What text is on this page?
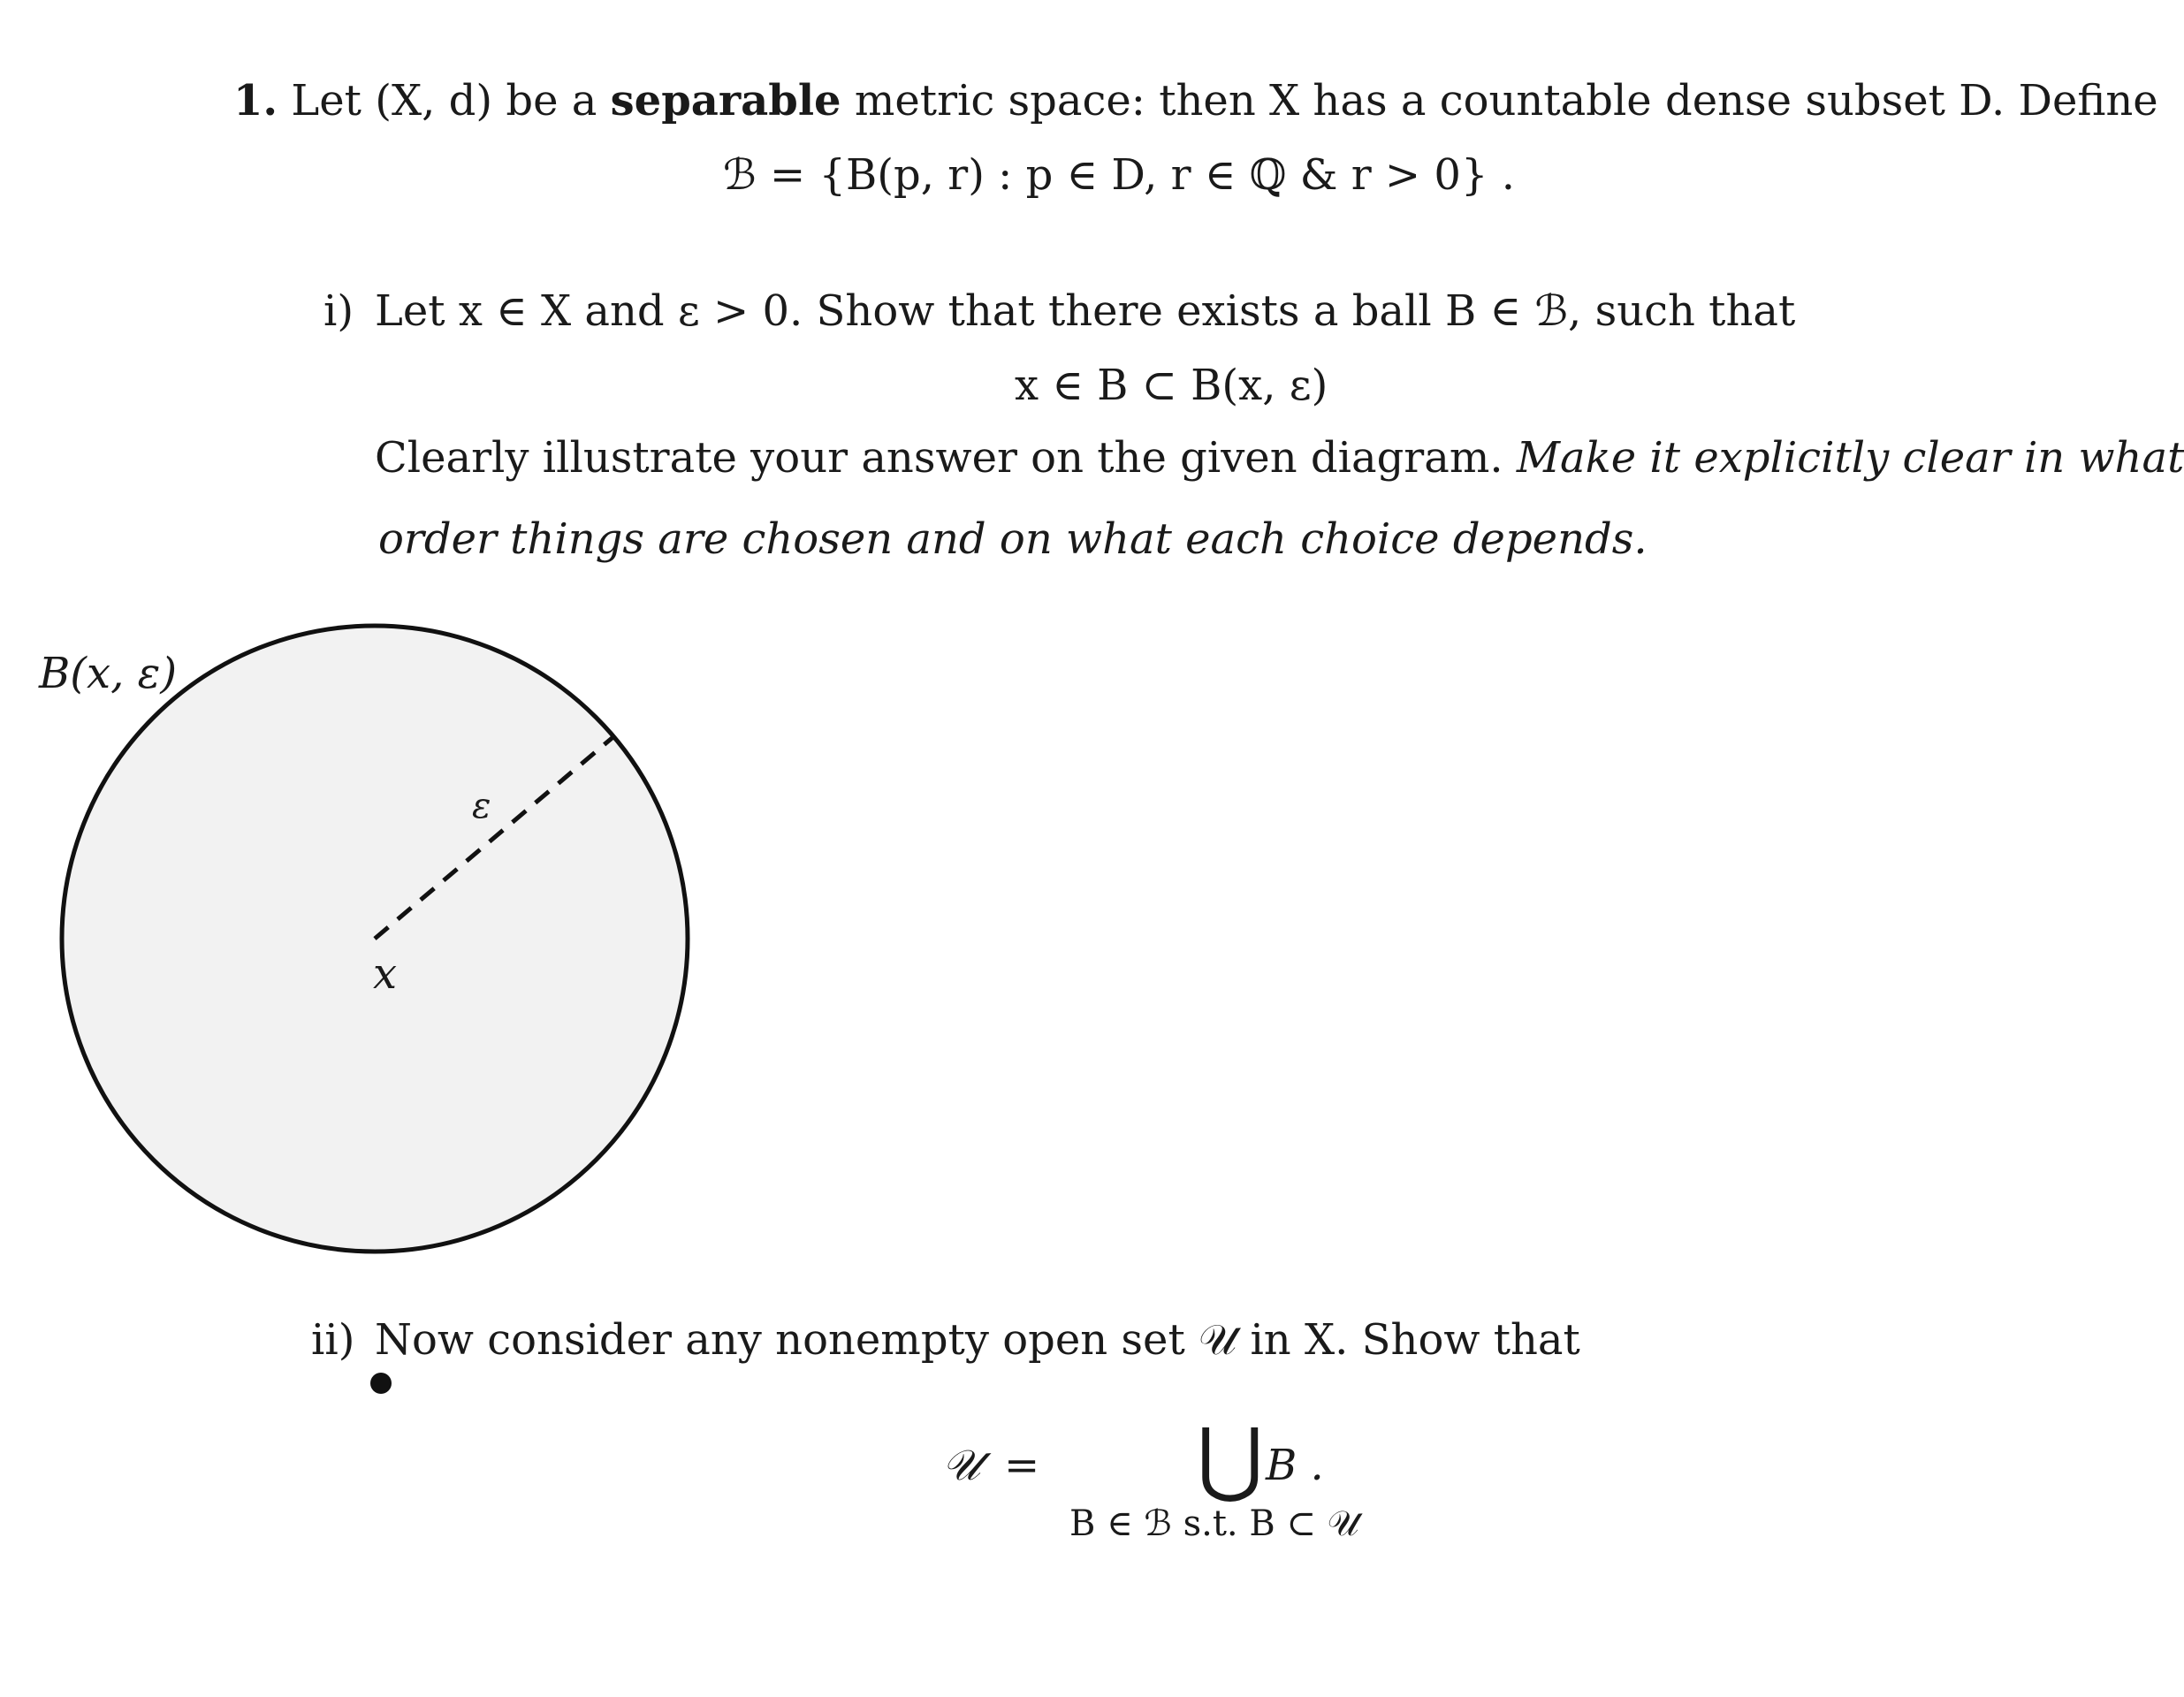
1. Let (X, d) be a separable metric space: then X has a countable dense subset D. Define
ℬ = {B(p, r) : p ∈ D, r ∈ ℚ & r > 0} .
i) Let x ∈ X and ε > 0. Show that there exists a ball B ∈ ℬ, such that
x ∈ B ⊂ B(x, ε)
Clearly illustrate your answer on the given diagram. Make it explicitly clear in what
order things are chosen and on what each choice depends.
B(x, ε)
ε
x
ii) Now consider any nonempty open set 𝒰 in X. Show that
𝒰 = ⋃ B .
B ∈ ℬ s.t. B ⊂ 𝒰
